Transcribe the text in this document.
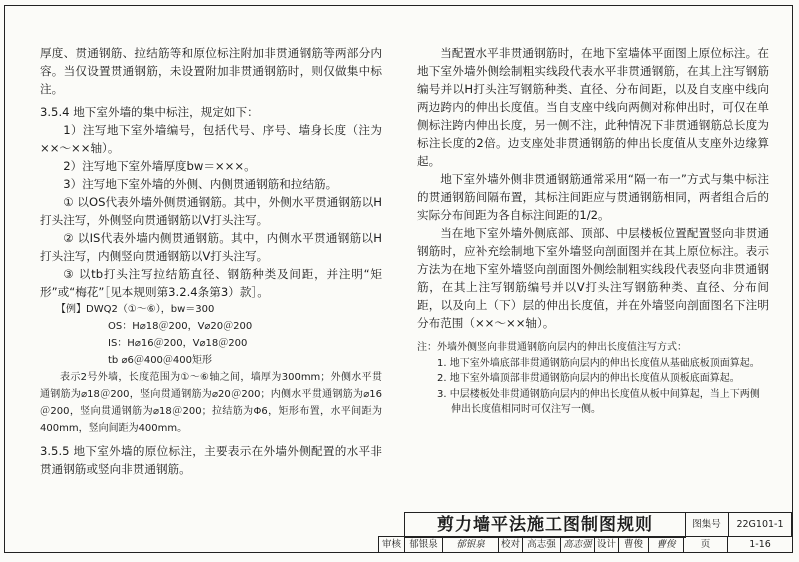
厚度、贯通钢筋、拉结筋等和原位标注附加非贯通钢筋等两部分内容。当仅设置贯通钢筋，未设置附加非贯通钢筋时，则仅做集中标注。

3.5.4 地下室外墙的集中标注，规定如下：

1）注写地下室外墙编号，包括代号、序号、墙身长度（注为××～××轴）。

2）注写地下室外墙厚度bw＝×××。

3）注写地下室外墙的外侧、内侧贯通钢筋和拉结筋。

① 以OS代表外墙外侧贯通钢筋。其中，外侧水平贯通钢筋以H打头注写，外侧竖向贯通钢筋以V打头注写。

② 以IS代表外墙内侧贯通钢筋。其中，内侧水平贯通钢筋以H打头注写，内侧竖向贯通钢筋以V打头注写。

③ 以tb打头注写拉结筋直径、钢筋种类及间距，并注明“矩形”或“梅花”［见本规则第3.2.4条第3）款］。

【例】DWQ2（①～⑥），bw＝300
OS：H⌀18＠200，V⌀20＠200
IS：H⌀16＠200，V⌀18＠200
tb ⌀6＠400＠400矩形

表示2号外墙，长度范围为①～⑥轴之间，墙厚为300mm；外侧水平贯通钢筋为⌀18＠200，竖向贯通钢筋为⌀20＠200；内侧水平贯通钢筋为⌀16＠200，竖向贯通钢筋为⌀18＠200；拉结筋为Φ6，矩形布置，水平间距为400mm，竖向间距为400mm。

3.5.5 地下室外墙的原位标注，主要表示在外墙外侧配置的水平非贯通钢筋或竖向非贯通钢筋。

当配置水平非贯通钢筋时，在地下室墙体平面图上原位标注。在地下室外墙外侧绘制粗实线段代表水平非贯通钢筋，在其上注写钢筋编号并以H打头注写钢筋种类、直径、分布间距，以及自支座中线向两边跨内的伸出长度值。当自支座中线向两侧对称伸出时，可仅在单侧标注跨内伸出长度，另一侧不注，此种情况下非贯通钢筋总长度为标注长度的2倍。边支座处非贯通钢筋的伸出长度值从支座外边缘算起。

地下室外墙外侧非贯通钢筋通常采用“隔一布一”方式与集中标注的贯通钢筋间隔布置，其标注间距应与贯通钢筋相同，两者组合后的实际分布间距为各自标注间距的1/2。

当在地下室外墙外侧底部、顶部、中层楼板位置配置竖向非贯通钢筋时，应补充绘制地下室外墙竖向剖面图并在其上原位标注。表示方法为在地下室外墙竖向剖面图外侧绘制粗实线段代表竖向非贯通钢筋，在其上注写钢筋编号并以V打头注写钢筋种类、直径、分布间距，以及向上（下）层的伸出长度值，并在外墙竖向剖面图名下注明分布范围（××～××轴）。

注：外墙外侧竖向非贯通钢筋向层内的伸出长度值注写方式：
1. 地下室外墙底部非贯通钢筋向层内的伸出长度值从基础底板顶面算起。
2. 地下室外墙顶部非贯通钢筋向层内的伸出长度值从顶板底面算起。
3. 中层楼板处非贯通钢筋向层内的伸出长度值从板中间算起，当上下两侧伸出长度值相同时可仅注写一侧。
剪力墙平法施工图制图规则	图集号	22G101-1
审核 郁银泉	郁银泉	校对 高志强 高志强 设计 曹俊	曹俊	页	1-16
